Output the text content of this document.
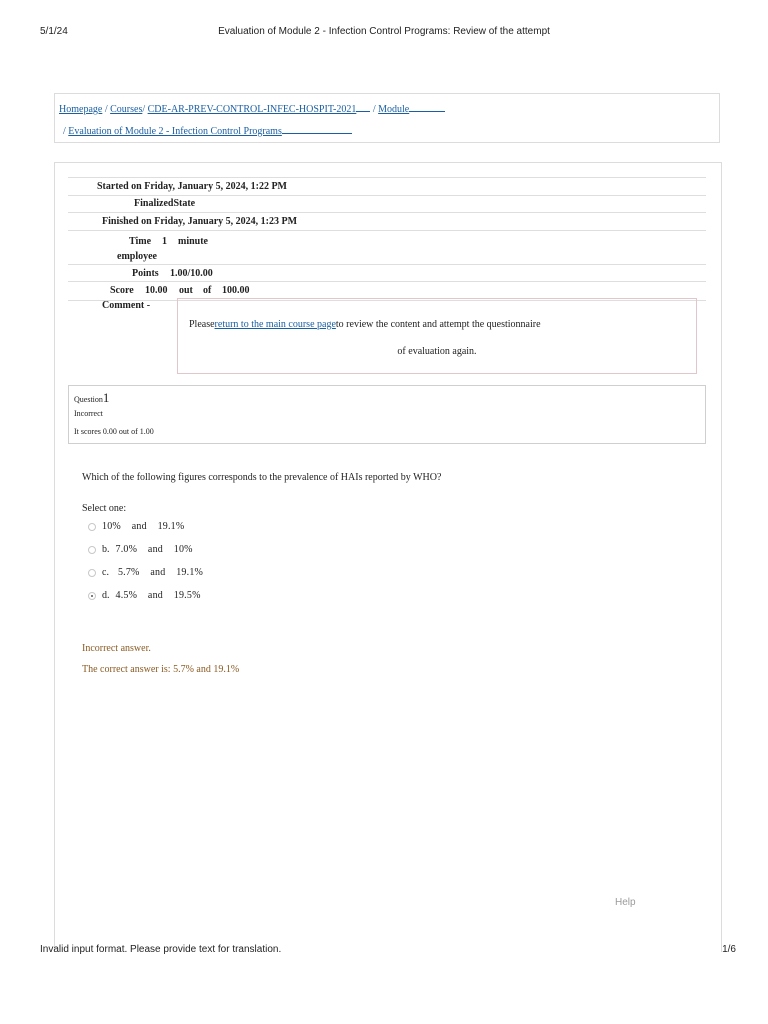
5/1/24	Evaluation of Module 2 - Infection Control Programs: Review of the attempt
Homepage / Courses/ CDE-AR-PREV-CONTROL-INFEC-HOSPIT-2021 / Module
/ Evaluation of Module 2 - Infection Control Programs
Started on Friday, January 5, 2024, 1:22 PM
FinalizedState
Finished on Friday, January 5, 2024, 1:23 PM
Time 1 minute
employee
Points 1.00/10.00
Score 10.00 out of 100.00
Comment -
Pleasereturn to the main course pageto review the content and attempt the questionnaire
of evaluation again.
Question1
Incorrect
It scores 0.00 out of 1.00
Which of the following figures corresponds to the prevalence of HAIs reported by WHO?
Select one:
10%    and    19.1%
b. 7.0%    and    10%
c. 5.7%    and    19.1%
d. 4.5%    and    19.5%
Incorrect answer.
The correct answer is: 5.7% and 19.1%
Help
Invalid input format. Please provide text for translation.	1/6
